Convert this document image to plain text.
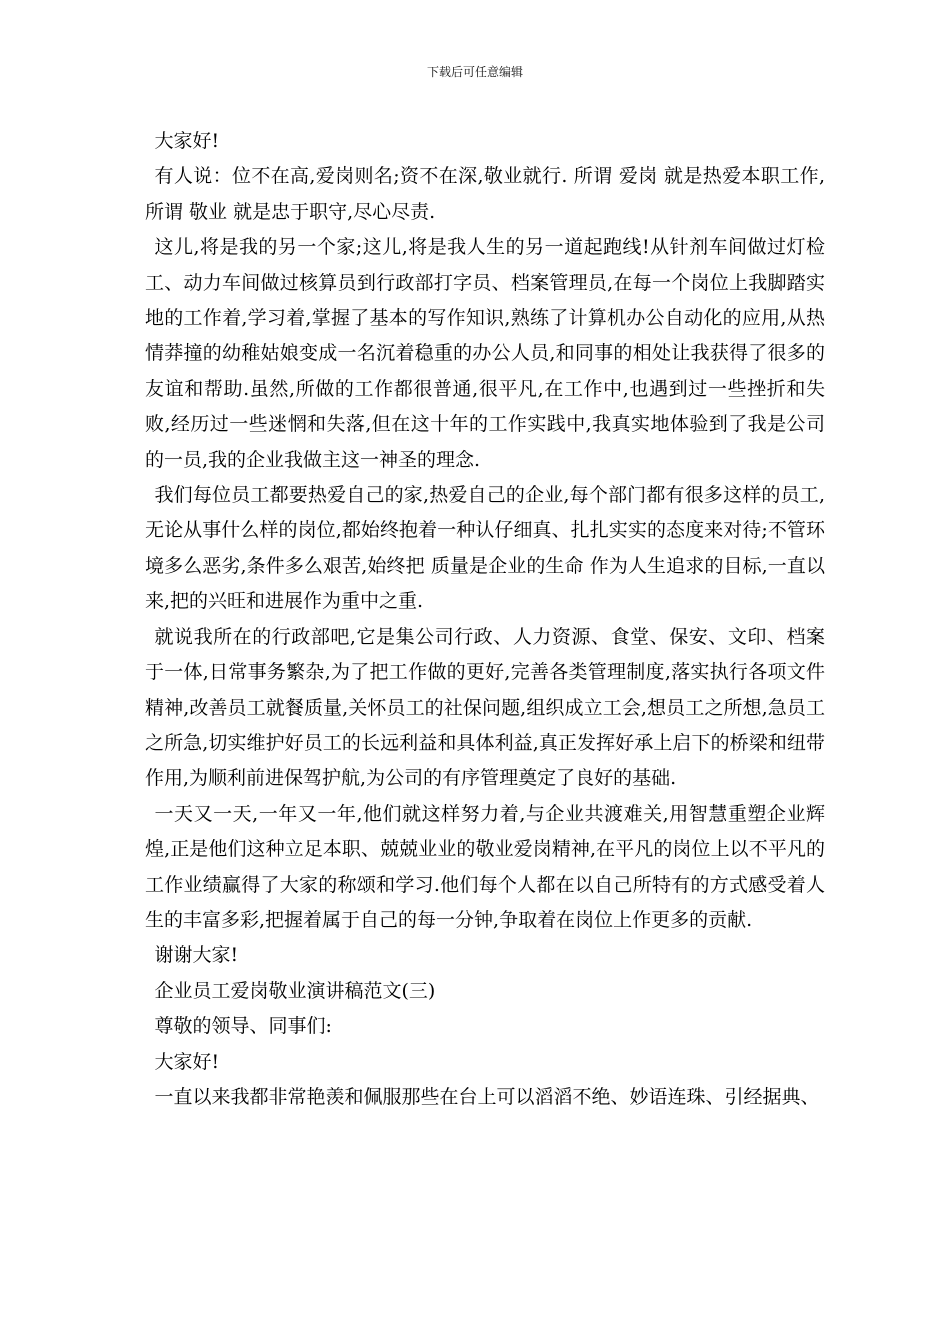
下载后可任意编辑

大家好!

有人说：位不在高,爱岗则名;资不在深,敬业就行. 所谓 爱岗 就是热爱本职工作,所谓 敬业 就是忠于职守,尽心尽责.

这儿,将是我的另一个家;这儿,将是我人生的另一道起跑线!从针剂车间做过灯检工、动力车间做过核算员到行政部打字员、档案管理员,在每一个岗位上我脚踏实地的工作着,学习着,掌握了基本的写作知识,熟练了计算机办公自动化的应用,从热情莽撞的幼稚姑娘变成一名沉着稳重的办公人员,和同事的相处让我获得了很多的友谊和帮助.虽然,所做的工作都很普通,很平凡,在工作中,也遇到过一些挫折和失败,经历过一些迷惘和失落,但在这十年的工作实践中,我真实地体验到了我是公司的一员,我的企业我做主这一神圣的理念.

我们每位员工都要热爱自己的家,热爱自己的企业,每个部门都有很多这样的员工,无论从事什么样的岗位,都始终抱着一种认仔细真、扎扎实实的态度来对待;不管环境多么恶劣,条件多么艰苦,始终把 质量是企业的生命 作为人生追求的目标,一直以来,把的兴旺和进展作为重中之重.

就说我所在的行政部吧,它是集公司行政、人力资源、食堂、保安、文印、档案于一体,日常事务繁杂,为了把工作做的更好,完善各类管理制度,落实执行各项文件精神,改善员工就餐质量,关怀员工的社保问题,组织成立工会,想员工之所想,急员工之所急,切实维护好员工的长远利益和具体利益,真正发挥好承上启下的桥梁和纽带作用,为顺利前进保驾护航,为公司的有序管理奠定了良好的基础.

一天又一天,一年又一年,他们就这样努力着,与企业共渡难关,用智慧重塑企业辉煌,正是他们这种立足本职、兢兢业业的敬业爱岗精神,在平凡的岗位上以不平凡的工作业绩赢得了大家的称颂和学习.他们每个人都在以自己所特有的方式感受着人生的丰富多彩,把握着属于自己的每一分钟,争取着在岗位上作更多的贡献.

谢谢大家!

企业员工爱岗敬业演讲稿范文(三)

尊敬的领导、同事们:

大家好!

一直以来我都非常艳羡和佩服那些在台上可以滔滔不绝、妙语连珠、引经据典、
